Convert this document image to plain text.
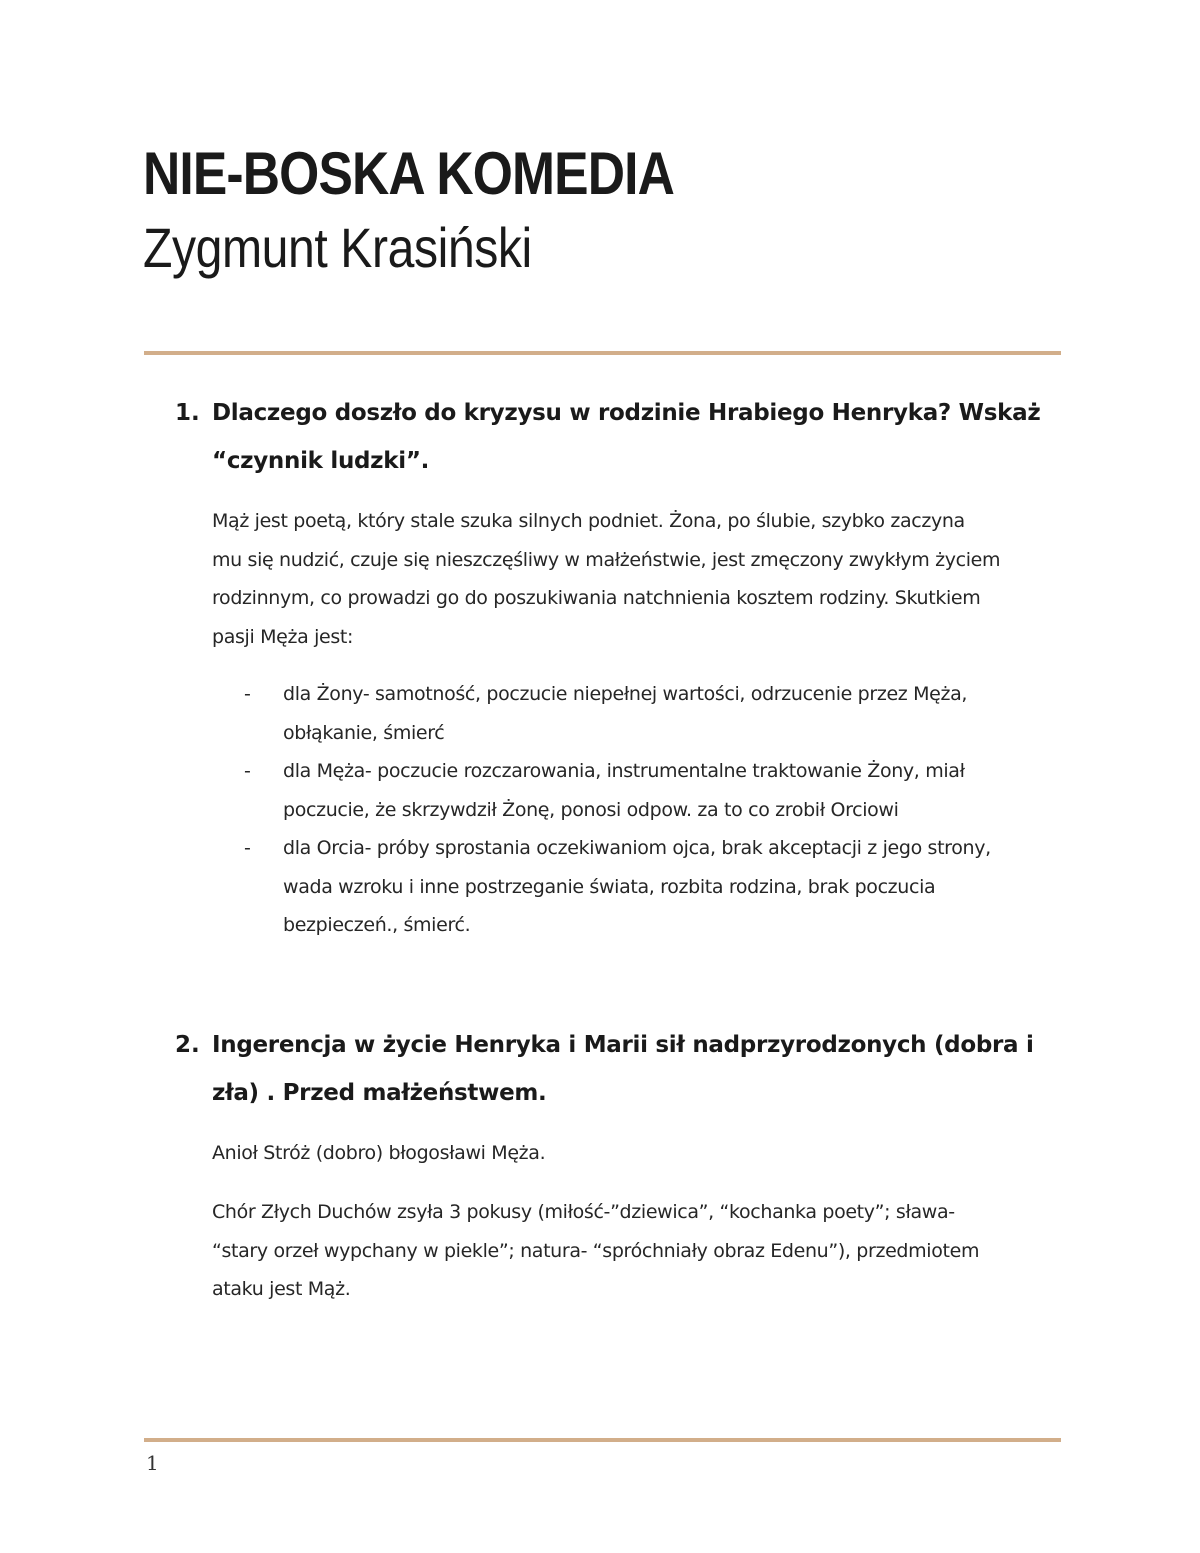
NIE-BOSKA KOMEDIA
Zygmunt Krasiński
1. Dlaczego doszło do kryzysu w rodzinie Hrabiego Henryka? Wskaż
“czynnik ludzki”.
Mąż jest poetą, który stale szuka silnych podniet. Żona, po ślubie, szybko zaczyna
mu się nudzić, czuje się nieszczęśliwy w małżeństwie, jest zmęczony zwykłym życiem
rodzinnym, co prowadzi go do poszukiwania natchnienia kosztem rodziny. Skutkiem
pasji Męża jest:
- dla Żony- samotność, poczucie niepełnej wartości, odrzucenie przez Męża,
obłąkanie, śmierć
- dla Męża- poczucie rozczarowania, instrumentalne traktowanie Żony, miał
poczucie, że skrzywdził Żonę, ponosi odpow. za to co zrobił Orciowi
- dla Orcia- próby sprostania oczekiwaniom ojca, brak akceptacji z jego strony,
wada wzroku i inne postrzeganie świata, rozbita rodzina, brak poczucia
bezpieczeń., śmierć.
2. Ingerencja w życie Henryka i Marii sił nadprzyrodzonych (dobra i
zła) . Przed małżeństwem.
Anioł Stróż (dobro) błogosławi Męża.
Chór Złych Duchów zsyła 3 pokusy (miłość-”dziewica”, “kochanka poety”; sława-
“stary orzeł wypchany w piekle”; natura- “spróchniały obraz Edenu”), przedmiotem
ataku jest Mąż.
1
